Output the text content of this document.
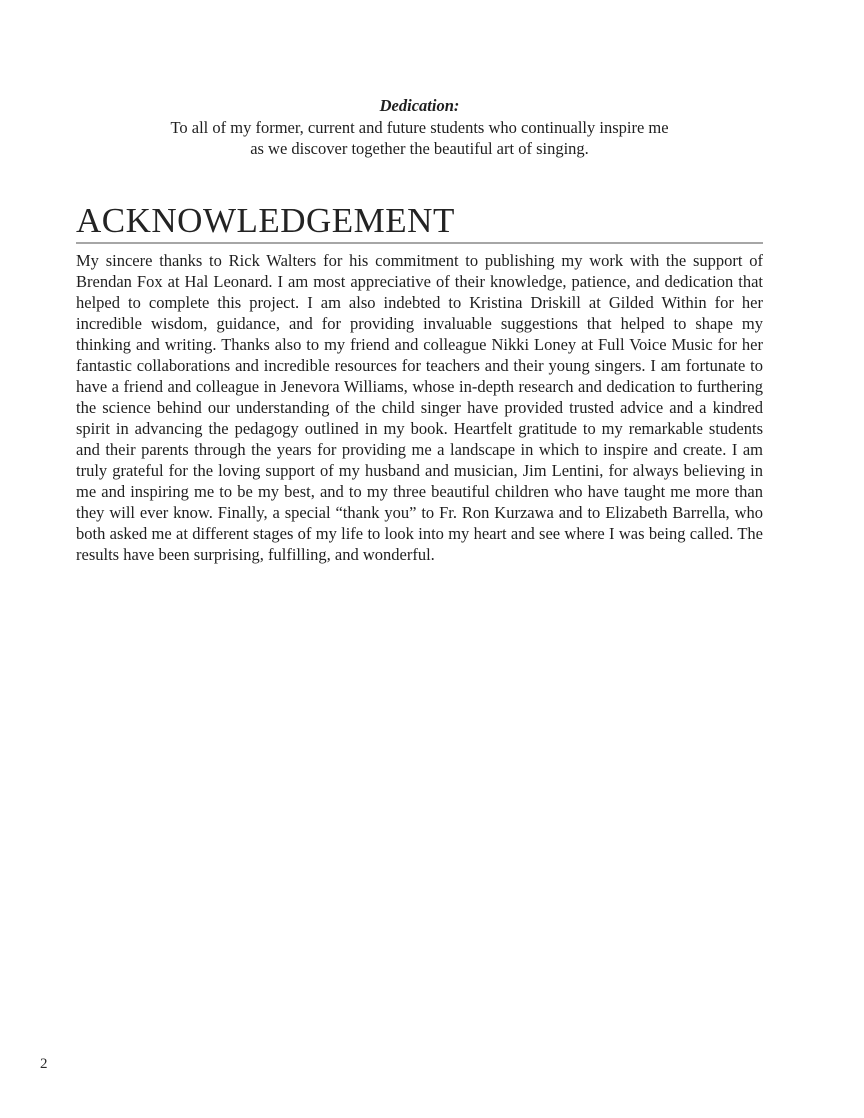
Dedication:
To all of my former, current and future students who continually inspire me
as we discover together the beautiful art of singing.
ACKNOWLEDGEMENT

My sincere thanks to Rick Walters for his commitment to publishing my work with the support of Brendan Fox at Hal Leonard. I am most appreciative of their knowledge, patience, and dedication that helped to complete this project. I am also indebted to Kristina Driskill at Gilded Within for her incredible wisdom, guidance, and for providing invaluable suggestions that helped to shape my thinking and writing. Thanks also to my friend and colleague Nikki Loney at Full Voice Music for her fantastic collaborations and incredible resources for teachers and their young singers. I am fortunate to have a friend and colleague in Jenevora Williams, whose in-depth research and dedication to furthering the science behind our understanding of the child singer have provided trusted advice and a kindred spirit in advancing the pedagogy outlined in my book. Heartfelt gratitude to my remarkable students and their parents through the years for providing me a landscape in which to inspire and create. I am truly grateful for the loving support of my husband and musician, Jim Lentini, for always believing in me and inspiring me to be my best, and to my three beautiful children who have taught me more than they will ever know. Finally, a special “thank you” to Fr. Ron Kurzawa and to Elizabeth Barrella, who both asked me at different stages of my life to look into my heart and see where I was being called. The results have been surprising, fulfilling, and wonderful.

2
